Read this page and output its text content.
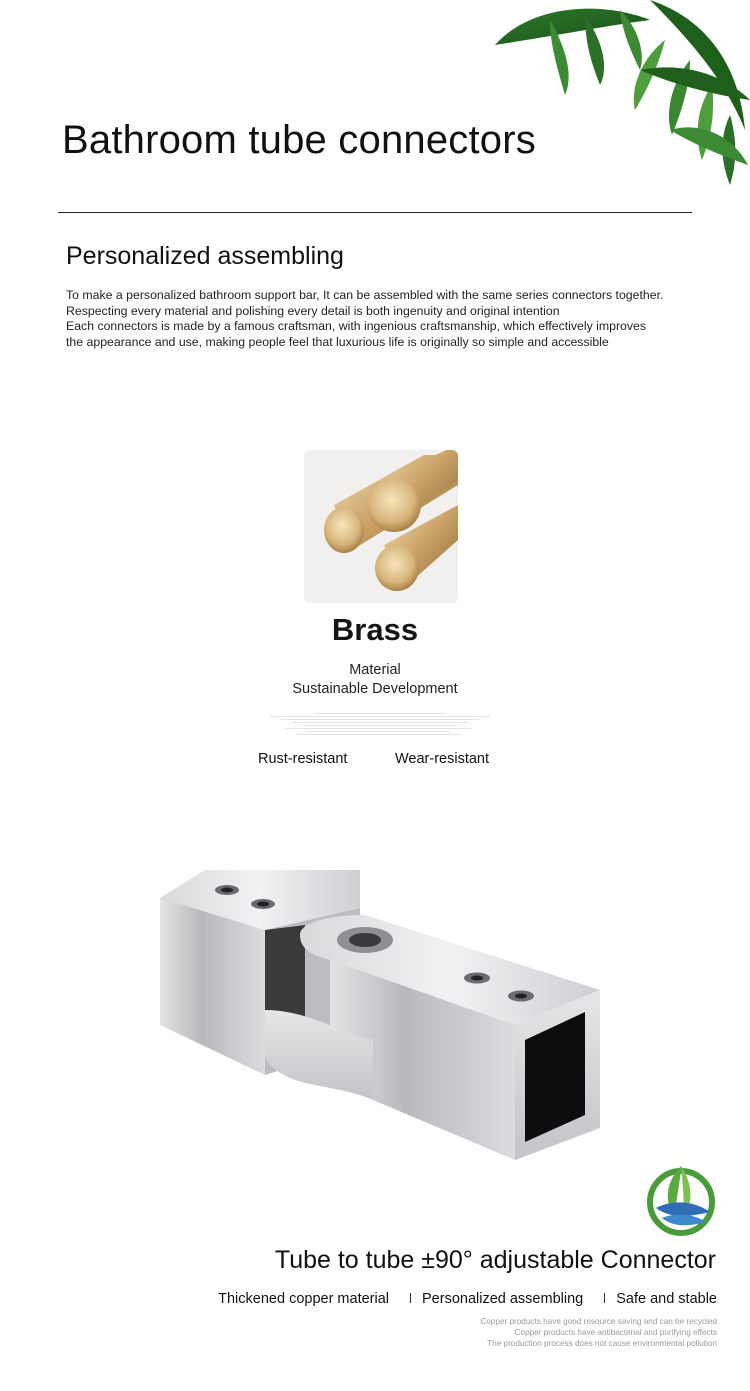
Bathroom tube connectors
Personalized assembling

To make a personalized bathroom support bar, It can be assembled with the same series connectors together.

Respecting every material and polishing every detail is both ingenuity and original intention

Each connectors is made by a famous craftsman, with ingenious craftsmanship, which effectively improves

the appearance and use, making people feel that luxurious life is originally so simple and accessible

Brass
Material
Sustainable Development
Rust-resistant	Wear-resistant
Tube to tube ±90° adjustable Connector
Thickened copper material Personalized assembling Safe and stable
Copper products have good resource saving and can be recycled
Copper products have antibacterial and purifying effects
The production process does not cause environmental pollution
